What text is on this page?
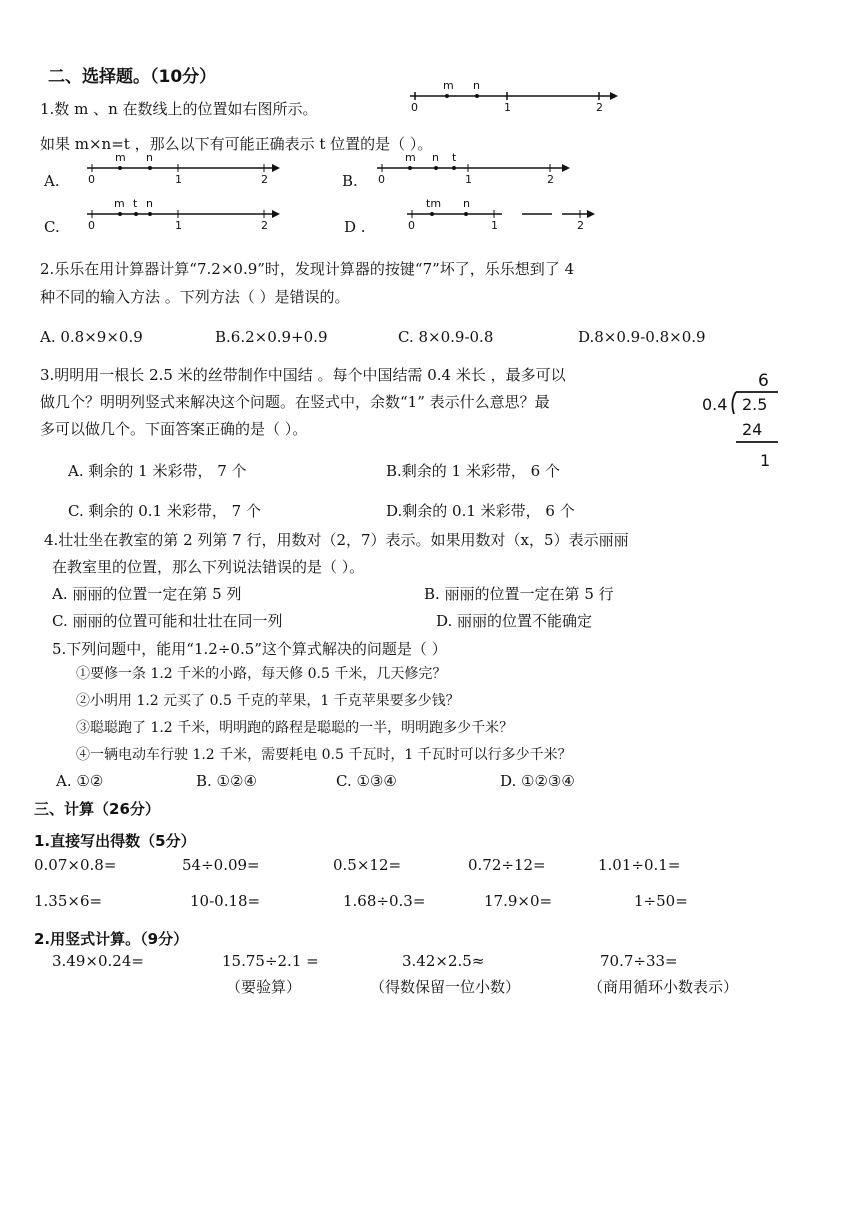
二、选择题。（10分）
1.数 m 、n 在数线上的位置如右图所示。	0
m n
1	2
如果 m×n=t ，那么以下有可能正确表示 t 位置的是（ ）。
A.	0
m n
1	2	B. 0
m n t
1	2
C.	0
m t n
1	2	D .	0
tm n
1	2
2.乐乐在用计算器计算“7.2×0.9”时，发现计算器的按键“7”坏了，乐乐想到了 4
种不同的输入方法 。下列方法（ ）是错误的。
A. 0.8×9×0.9	B.6.2×0.9+0.9	C. 8×0.9-0.8	D.8×0.9-0.8×0.9
3.明明用一根长 2.5 米的丝带制作中国结 。每个中国结需 0.4 米长 ，最多可以
做几个？明明列竖式来解决这个问题。在竖式中，余数“1” 表示什么意思？最
多可以做几个。下面答案正确的是（ ）。
6
0.4 2.5
24
1
A. 剩余的 1 米彩带， 7 个	B.剩余的 1 米彩带， 6 个
C. 剩余的 0.1 米彩带， 7 个	D.剩余的 0.1 米彩带， 6 个
4.壮壮坐在教室的第 2 列第 7 行，用数对（2，7）表示。如果用数对（x，5）表示丽丽
在教室里的位置，那么下列说法错误的是（ ）。
A. 丽丽的位置一定在第 5 列	B. 丽丽的位置一定在第 5 行
C. 丽丽的位置可能和壮壮在同一列	D. 丽丽的位置不能确定
5.下列问题中，能用“1.2÷0.5”这个算式解决的问题是（ ）
①要修一条 1.2 千米的小路，每天修 0.5 千米，几天修完？
②小明用 1.2 元买了 0.5 千克的苹果，1 千克苹果要多少钱？
③聪聪跑了 1.2 千米，明明跑的路程是聪聪的一半，明明跑多少千米？
④一辆电动车行驶 1.2 千米，需要耗电 0.5 千瓦时，1 千瓦时可以行多少千米？
A. ①②	B. ①②④	C. ①③④	D. ①②③④
三、计算（26分）
1.直接写出得数（5分）
0.07×0.8=	54÷0.09=	0.5×12=	0.72÷12=	1.01÷0.1=
1.35×6=	10-0.18=	1.68÷0.3=	17.9×0=	1÷50=
2.用竖式计算。（9分）
3.49×0.24=	15.75÷2.1 =	3.42×2.5≈	70.7÷33=
（要验算）	（得数保留一位小数）	（商用循环小数表示）
